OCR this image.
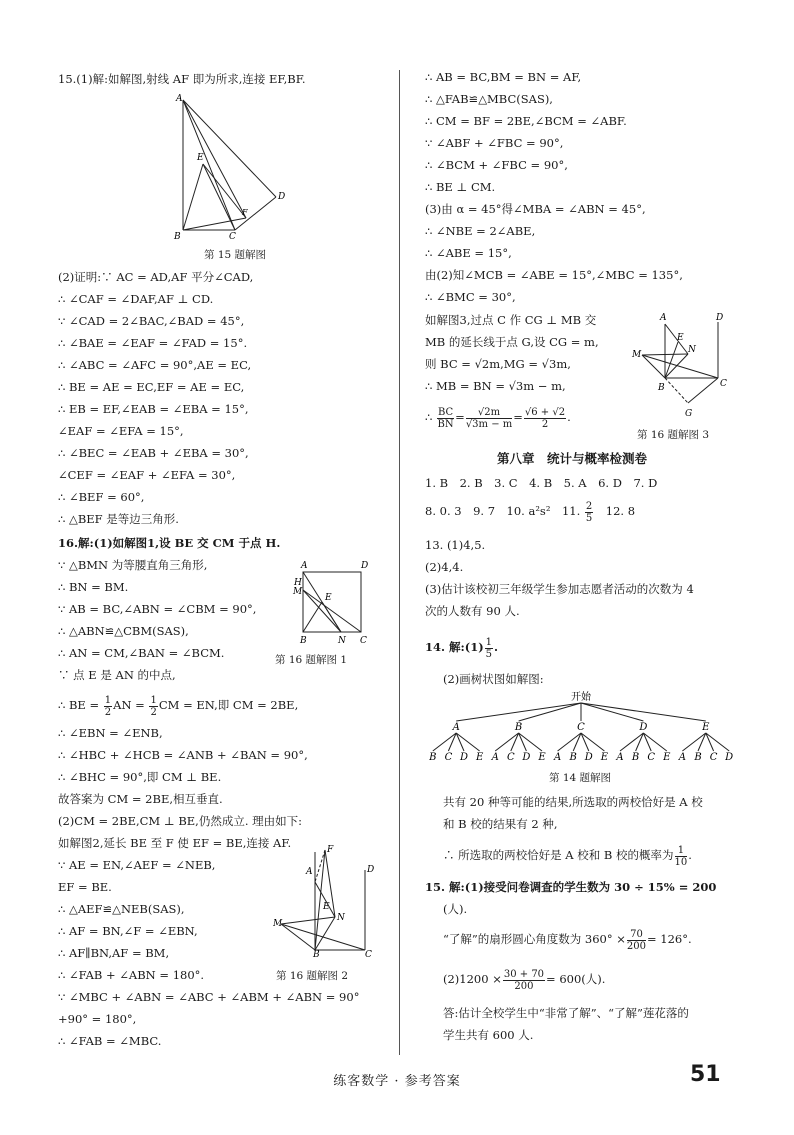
15.(1)解:如解图,射线 AF 即为所求,连接 EF,BF.
A
E
F
D
B	C
第 15 题解图
(2)证明:∵ AC = AD,AF 平分∠CAD,
∴ ∠CAF = ∠DAF,AF ⊥ CD.
∵ ∠CAD = 2∠BAC,∠BAD = 45°,
∴ ∠BAE = ∠EAF = ∠FAD = 15°.
∴ ∠ABC = ∠AFC = 90°,AE = EC,
∴ BE = AE = EC,EF = AE = EC,
∴ EB = EF,∠EAB = ∠EBA = 15°,
∠EAF = ∠EFA = 15°,
∴ ∠BEC = ∠EAB + ∠EBA = 30°,
∠CEF = ∠EAF + ∠EFA = 30°,
∴ ∠BEF = 60°,
∴ △BEF 是等边三角形.
16.解:(1)如解图1,设 BE 交 CM 于点 H.
∵ △BMN 为等腰直角三角形,
∴ BN = BM.
∵ AB = BC,∠ABN = ∠CBM = 90°,
∴ △ABN≌△CBM(SAS),
∴ AN = CM,∠BAN = ∠BCM.
∵ 点 E 是 AN 的中点,
A	D
H
M
E
B	N C
第 16 题解图 1
∴ BE = $\frac{1}{2}$ AN = $\frac{1}{2}$ CM = EN,即 CM = 2BE,
∴ ∠EBN = ∠ENB,
∴ ∠HBC + ∠HCB = ∠ANB + ∠BAN = 90°,
∴ ∠BHC = 90°,即 CM ⊥ BE.
故答案为 CM = 2BE,相互垂直.
(2)CM = 2BE,CM ⊥ BE,仍然成立. 理由如下:
如解图2,延长 BE 至 F 使 EF = BE,连接 AF.
∵ AE = EN,∠AEF = ∠NEB,
EF = BE.
∴ △AEF≌△NEB(SAS),
∴ AF = BN,∠F = ∠EBN,
∴ AF∥BN,AF = BM,
∴ ∠FAB + ∠ABN = 180°.
∵ ∠MBC + ∠ABN = ∠ABC + ∠ABM + ∠ABN = 90°
+90° = 180°,
∴ ∠FAB = ∠MBC.
F
A	D
E
M
N
B	C
第 16 题解图 2
∴ AB = BC,BM = BN = AF,
∴ △FAB≌△MBC(SAS),
∴ CM = BF = 2BE,∠BCM = ∠ABF.
∵ ∠ABF + ∠FBC = 90°,
∴ ∠BCM + ∠FBC = 90°,
∴ BE ⊥ CM.
(3)由 α = 45°得∠MBA = ∠ABN = 45°,
∴ ∠NBE = 2∠ABE,
∴ ∠ABE = 15°,
由(2)知∠MCB = ∠ABE = 15°,∠MBC = 135°,
∴ ∠BMC = 30°,
如解图3,过点 C 作 CG ⊥ MB 交
MB 的延长线于点 G,设 CG = m,
则 BC = √2m,MG = √3m,
∴ MB = BN = √3m − m,
∴ $\frac{BC}{BN} = \frac{√2m}{√3m - m} = \frac{√6 + √2}{2}$ .
A	D
E
N
M
B	C
G
第 16 题解图 3
第八章　统计与概率检测卷
1. B　2. B　3. C　4. B　5. A　6. D　7. D
8. 0. 3　9. 7　10. a²s²　11. $\frac{2}{5}$ 　12. 8
13. (1)4,5.
(2)4,4.
(3)估计该校初三年级学生参加志愿者活动的次数为 4
次的人数有 90 人.
14. 解:(1) $\frac{1}{5}$ .
(2)画树状图如解图:
开始
A
B C D E
B
A C D E
C
A B D E
D
A B C E
E
A B C D
第 14 题解图
共有 20 种等可能的结果,所选取的两校恰好是 A 校
和 B 校的结果有 2 种,
∴ 所选取的两校恰好是 A 校和 B 校的概率为 $\frac{1}{10}$ .
15. 解:(1)接受问卷调查的学生数为 30 ÷ 15% = 200
(人).
“了解”的扇形圆心角度数为 $360^\circ \times \frac{70}{200} = 126^\circ$.
$(2)1200 \times \frac{30 + 70}{200} = 600$(人).
答:估计全校学生中“非常了解”、“了解”莲花落的
学生共有 600 人.
练客数学 · 参考答案	51
